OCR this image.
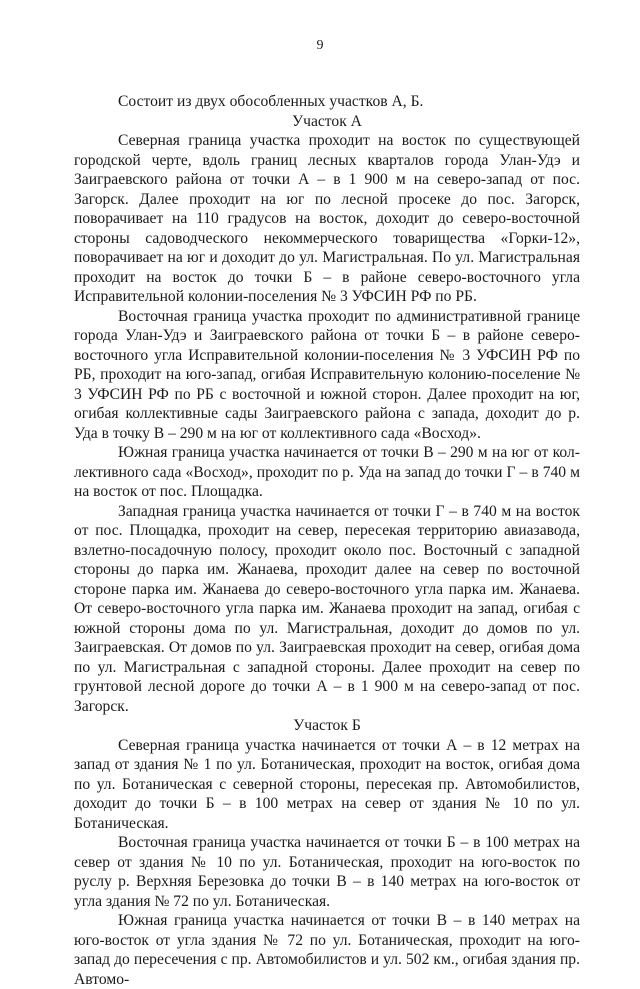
9

Состоит из двух обособленных участков А, Б.

Участок А

Северная граница участка проходит на восток по существующей городской черте, вдоль границ лесных кварталов города Улан-Удэ и Заиграевского района от точки А – в 1 900 м на северо-запад от пос. Загорск. Далее проходит на юг по лесной просеке до пос. Загорск, поворачивает на 110 градусов на восток, доходит до северо-восточной стороны садоводческого некоммерческого товарищества «Горки-12», поворачивает на юг и доходит до ул. Магистральная. По ул. Магистральная проходит на восток до точки Б – в районе северо-восточного угла Исправительной колонии-поселения № 3 УФСИН РФ по РБ.

Восточная граница участка проходит по административной границе города Улан-Удэ и Заиграевского района от точки Б – в районе северо-восточного угла Исправительной колонии-поселения № 3 УФСИН РФ по РБ, проходит на юго-запад, огибая Исправительную колонию-поселение № 3 УФСИН РФ по РБ с восточной и южной сторон. Далее проходит на юг, огибая коллективные сады Заиграевского района с запада, доходит до р. Уда в точку В – 290 м на юг от коллективного сада «Восход».

Южная граница участка начинается от точки В – 290 м на юг от коллективного сада «Восход», проходит по р. Уда на запад до точки Г – в 740 м на восток от пос. Площадка.

Западная граница участка начинается от точки Г – в 740 м на восток от пос. Площадка, проходит на север, пересекая территорию авиазавода, взлетно-посадочную полосу, проходит около пос. Восточный с западной стороны до парка им. Жанаева, проходит далее на север по восточной стороне парка им. Жанаева до северо-восточного угла парка им. Жанаева. От северо-восточного угла парка им. Жанаева проходит на запад, огибая с южной стороны дома по ул. Магистральная, доходит до домов по ул. Заиграевская. От домов по ул. Заиграевская проходит на север, огибая дома по ул. Магистральная с западной стороны. Далее проходит на север по грунтовой лесной дороге до точки А – в 1 900 м на северо-запад от пос. Загорск.

Участок Б

Северная граница участка начинается от точки А – в 12 метрах на запад от здания № 1 по ул. Ботаническая, проходит на восток, огибая дома по ул. Ботаническая с северной стороны, пересекая пр. Автомобилистов, доходит до точки Б – в 100 метрах на север от здания № 10 по ул. Ботаническая.

Восточная граница участка начинается от точки Б – в 100 метрах на север от здания № 10 по ул. Ботаническая, проходит на юго-восток по руслу р. Верхняя Березовка до точки В – в 140 метрах на юго-восток от угла здания № 72 по ул. Ботаническая.

Южная граница участка начинается от точки В – в 140 метрах на юго-восток от угла здания № 72 по ул. Ботаническая, проходит на юго-запад до пересечения с пр. Автомобилистов и ул. 502 км., огибая здания пр. Автомо-
